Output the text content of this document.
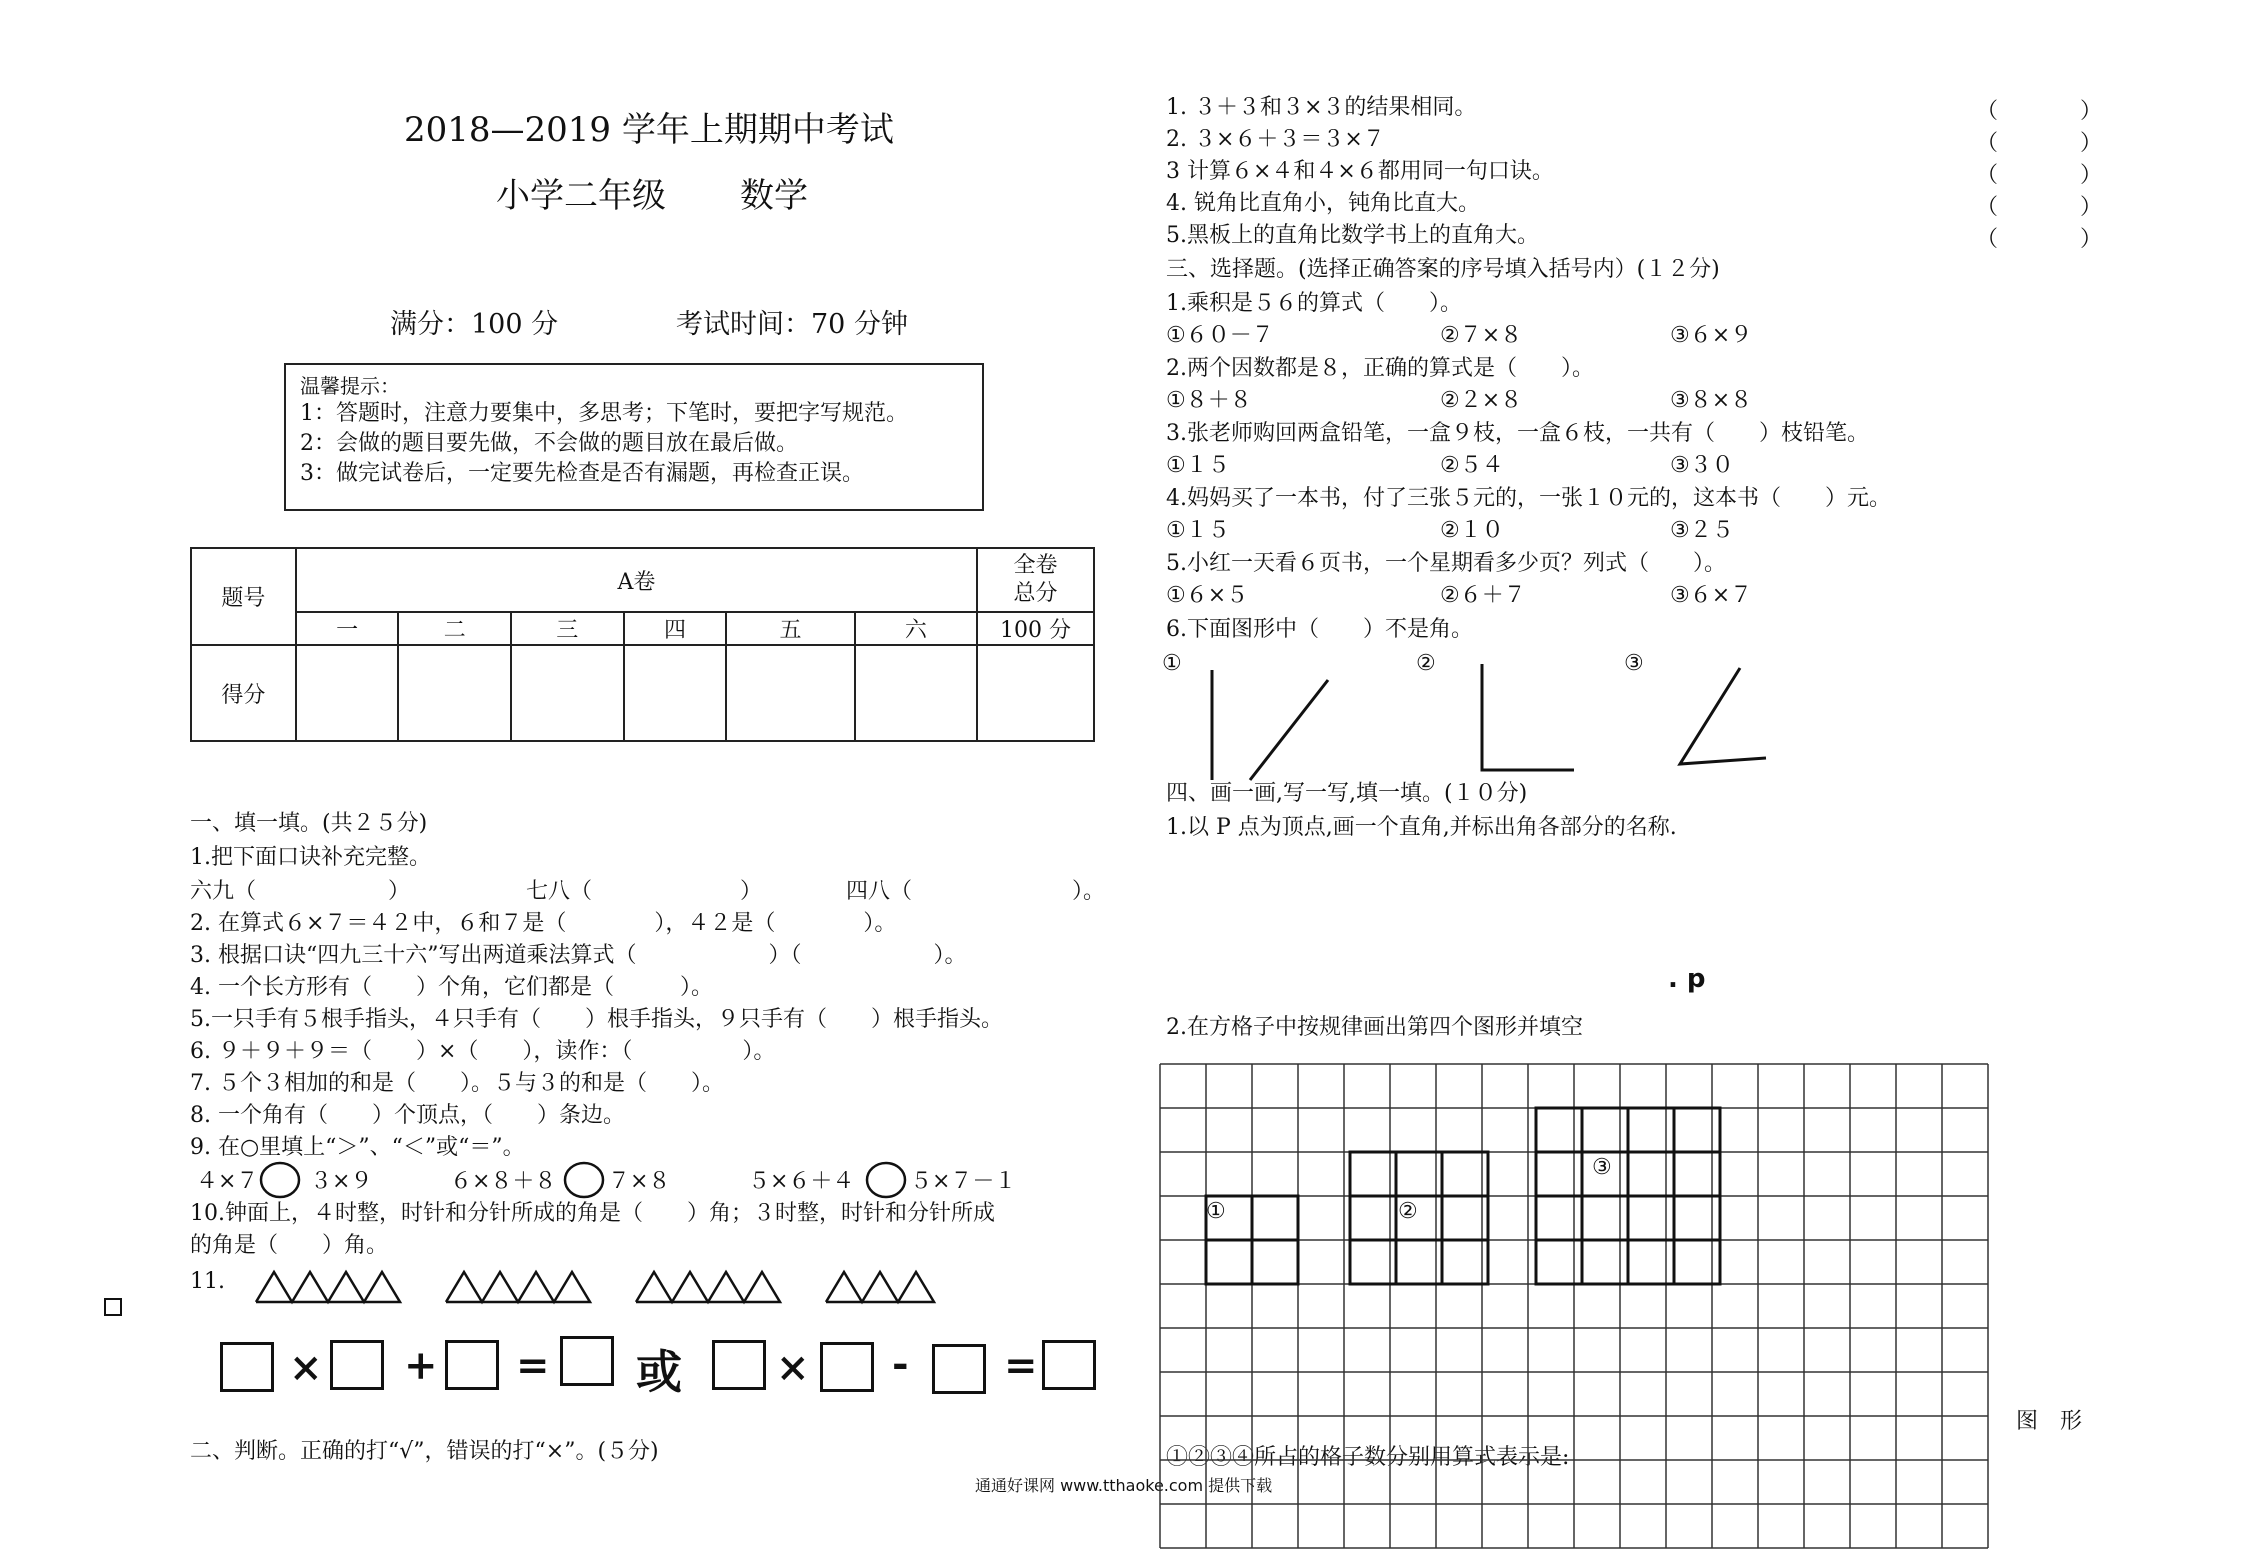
2018—2019 学年上期期中考试
小学二年级 数学
满分：100 分	考试时间：70 分钟
温馨提示：
1：答题时，注意力要集中，多思考；下笔时，要把字写规范。
2：会做的题目要先做，不会做的题目放在最后做。
3：做完试卷后，一定要先检查是否有漏题，再检查正误。
题号	A卷						全卷
总分
	一	二	三	四	五	六	100 分
得分							
一、填一填。(共２５分)
1.把下面口诀补充完整。
六九（	）	七八（	）	四八（	）。
2. 在算式６×７＝４２中，６和７是（　　　　），４２是（　　　　）。
3. 根据口诀“四九三十六”写出两道乘法算式（　　　　　　）（　　　　　　）。
4. 一个长方形有（　　）个角，它们都是（　　　）。
5.一只手有５根手指头，４只手有（　　）根手指头，９只手有（　　）根手指头。
6. ９＋９＋９＝（　　）×（　　），读作：（　　　　　）。
7. ５个３相加的和是（　　）。５与３的和是（　　）。
8. 一个角有（　　）个顶点，（　　）条边。
9. 在○里填上“＞”、“＜”或“＝”。
４×７ ３×９	６×８＋８ ７×８	５×６＋４	５×７－１
10.钟面上，４时整，时针和分针所成的角是（　　）角；３时整，时针和分针所成
的角是（　　）角。
11.
× + = 或 × - =
二、判断。正确的打“√”，错误的打“×”。(５分)
1. ３＋３和３×３的结果相同。
2. ３×６＋３＝３×７
3 计算６×４和４×６都用同一句口诀。
4. 锐角比直角小，钝角比直大。
5.黑板上的直角比数学书上的直角大。
（	）
（	）
（	）
（	）
（	）
三、选择题。(选择正确答案的序号填入括号内）(１２分)
1.乘积是５６的算式（　　）。
①６０－７	②７×８	③６×９
2.两个因数都是８，正确的算式是（　　）。
①８＋８	②２×８	③８×８
3.张老师购回两盒铅笔，一盒９枝，一盒６枝，一共有（　　）枝铅笔。
①１５	②５４	③３０
4.妈妈买了一本书，付了三张５元的，一张１０元的，这本书（　　）元。
①１５	②１０	③２５
5.小红一天看６页书，一个星期看多少页？列式（　　）。
①６×５	②６＋７	③６×７
6.下面图形中（　　）不是角。
①	②	③
四、画一画,写一写,填一填。(１０分)
1.以 P 点为顶点,画一个直角,并标出角各部分的名称.
. p
2.在方格子中按规律画出第四个图形并填空
①	②
③
图　形
①②③④所占的格子数分别用算式表示是:
通通好课网 www.tthaoke.com 提供下载
